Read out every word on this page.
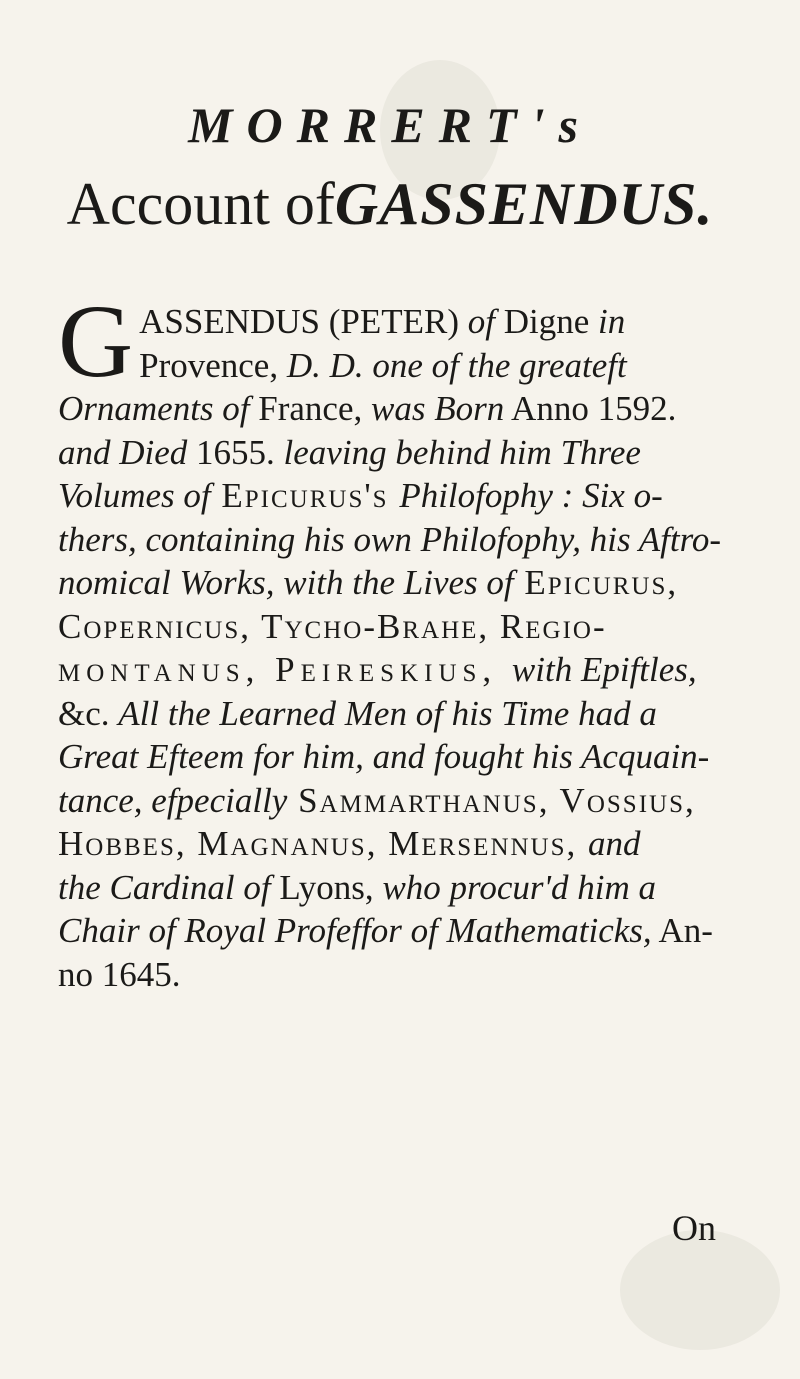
MORRERT's
Account ofGASSENDUS.
G ASSENDUS (PETER) of Digne in
Provence, D. D. one of the greateft
Ornaments of France, was Born Anno 1592.
and Died 1655. leaving behind him Three
Volumes of Epicurus's Philofophy : Six o-
thers, containing his own Philofophy, his Aftro-
nomical Works, with the Lives of Epicurus,
Copernicus, Tycho-Brahe, Regio-
montanus, Peireskius, with Epiftles,
&c. All the Learned Men of his Time had a
Great Efteem for him, and fought his Acquain-
tance, efpecially Sammarthanus, Vossius,
Hobbes, Magnanus, Mersennus, and
the Cardinal of Lyons, who procur'd him a
Chair of Royal Profeffor of Mathematicks, An-
no 1645.
On
